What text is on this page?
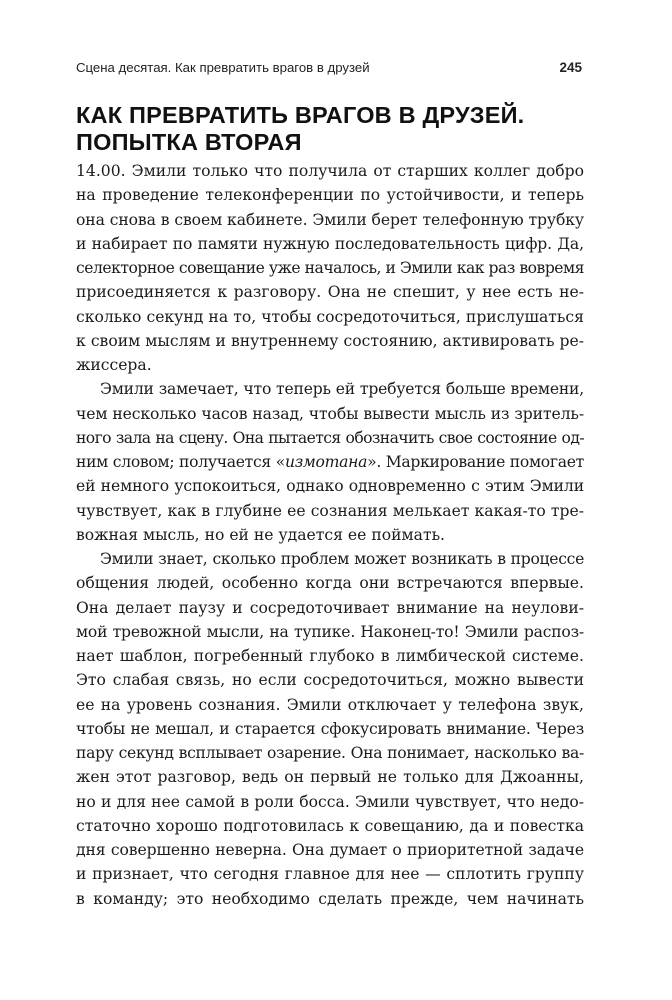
Сцена десятая. Как превратить врагов в друзей	245
КАК ПРЕВРАТИТЬ ВРАГОВ В ДРУЗЕЙ.
ПОПЫТКА ВТОРАЯ
14.00. Эмили только что получила от старших коллег добро
на проведение телеконференции по устойчивости, и теперь
она снова в своем кабинете. Эмили берет телефонную трубку
и набирает по памяти нужную последовательность цифр. Да,
селекторное совещание уже началось, и Эмили как раз вовремя
присоединяется к разговору. Она не спешит, у нее есть не-
сколько секунд на то, чтобы сосредоточиться, прислушаться
к своим мыслям и внутреннему состоянию, активировать ре-
жиссера.
Эмили замечает, что теперь ей требуется больше времени,
чем несколько часов назад, чтобы вывести мысль из зритель-
ного зала на сцену. Она пытается обозначить свое состояние од-
ним словом; получается «измотана». Маркирование помогает
ей немного успокоиться, однако одновременно с этим Эмили
чувствует, как в глубине ее сознания мелькает какая-то тре-
вожная мысль, но ей не удается ее поймать.
Эмили знает, сколько проблем может возникать в процессе
общения людей, особенно когда они встречаются впервые.
Она делает паузу и сосредоточивает внимание на неулови-
мой тревожной мысли, на тупике. Наконец-то! Эмили распоз-
нает шаблон, погребенный глубоко в лимбической системе.
Это слабая связь, но если сосредоточиться, можно вывести
ее на уровень сознания. Эмили отключает у телефона звук,
чтобы не мешал, и старается сфокусировать внимание. Через
пару секунд всплывает озарение. Она понимает, насколько ва-
жен этот разговор, ведь он первый не только для Джоанны,
но и для нее самой в роли босса. Эмили чувствует, что недо-
статочно хорошо подготовилась к совещанию, да и повестка
дня совершенно неверна. Она думает о приоритетной задаче
и признает, что сегодня главное для нее — сплотить группу
в команду; это необходимо сделать прежде, чем начинать
